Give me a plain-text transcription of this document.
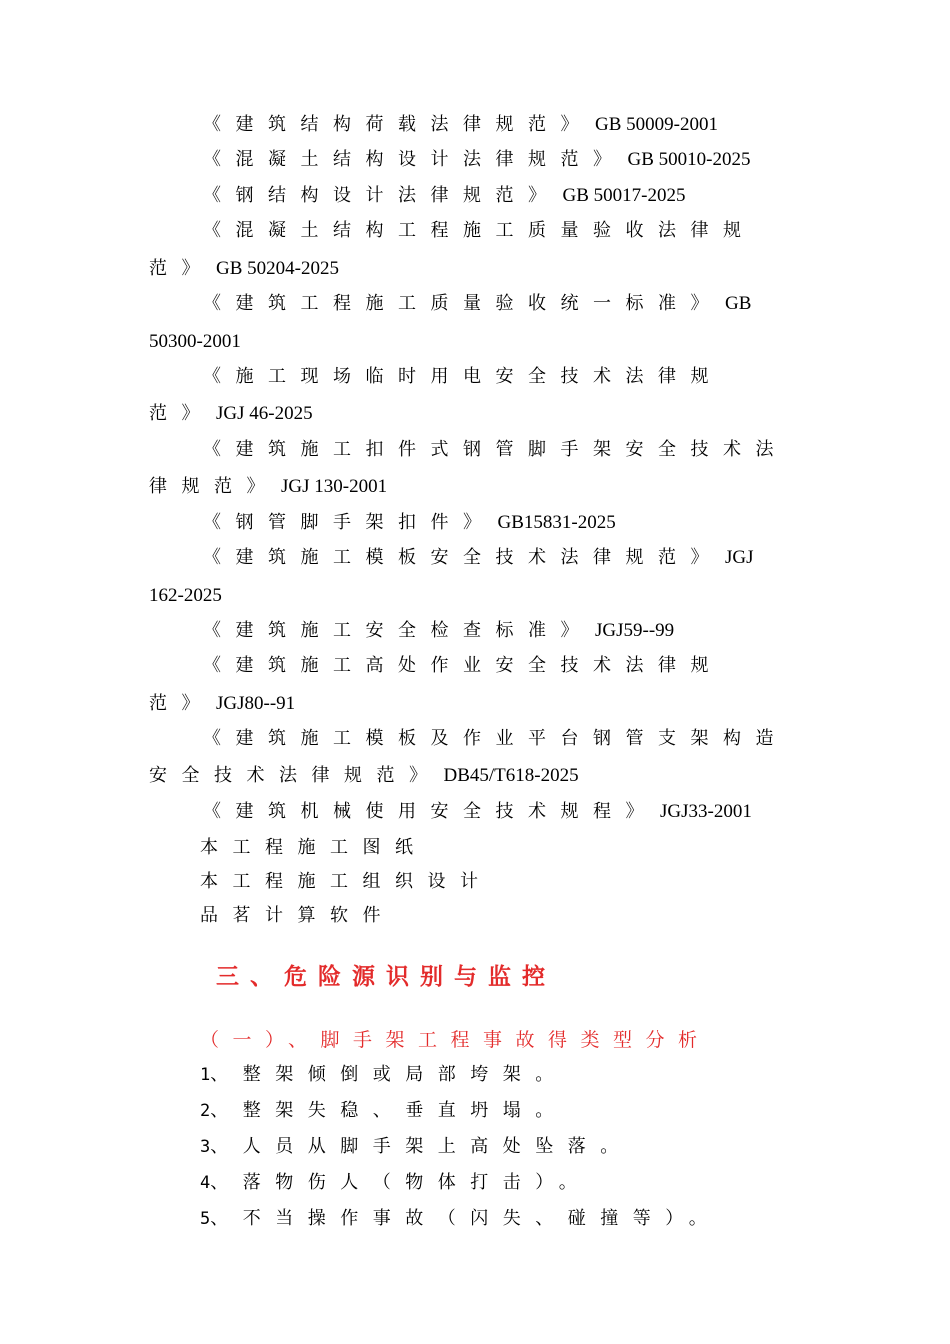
《建筑结构荷载法律规范》 GB 50009-2001
《混凝土结构设计法律规范》 GB 50010-2025
《钢结构设计法律规范》 GB 50017-2025
《混凝土结构工程施工质量验收法律规
范》 GB 50204-2025
《建筑工程施工质量验收统一标准》 GB
50300-2001
《施工现场临时用电安全技术法律规
范》 JGJ 46-2025
《建筑施工扣件式钢管脚手架安全技术法
律规范》 JGJ 130-2001
《钢管脚手架扣件》 GB15831-2025
《建筑施工模板安全技术法律规范》 JGJ
162-2025
《建筑施工安全检查标准》 JGJ59--99
《建筑施工高处作业安全技术法律规
范》 JGJ80--91
《建筑施工模板及作业平台钢管支架构造
安全技术法律规范》 DB45/T618-2025
《建筑机械使用安全技术规程》 JGJ33-2001
本工程施工图纸
本工程施工组织设计
品茗计算软件
三、危险源识别与监控
（一）、脚手架工程事故得类型分析
1、整架倾倒或局部垮架。
2、整架失稳、垂直坍塌。
3、人员从脚手架上高处坠落。
4、落物伤人（物体打击）。
5、不当操作事故（闪失、碰撞等）。
